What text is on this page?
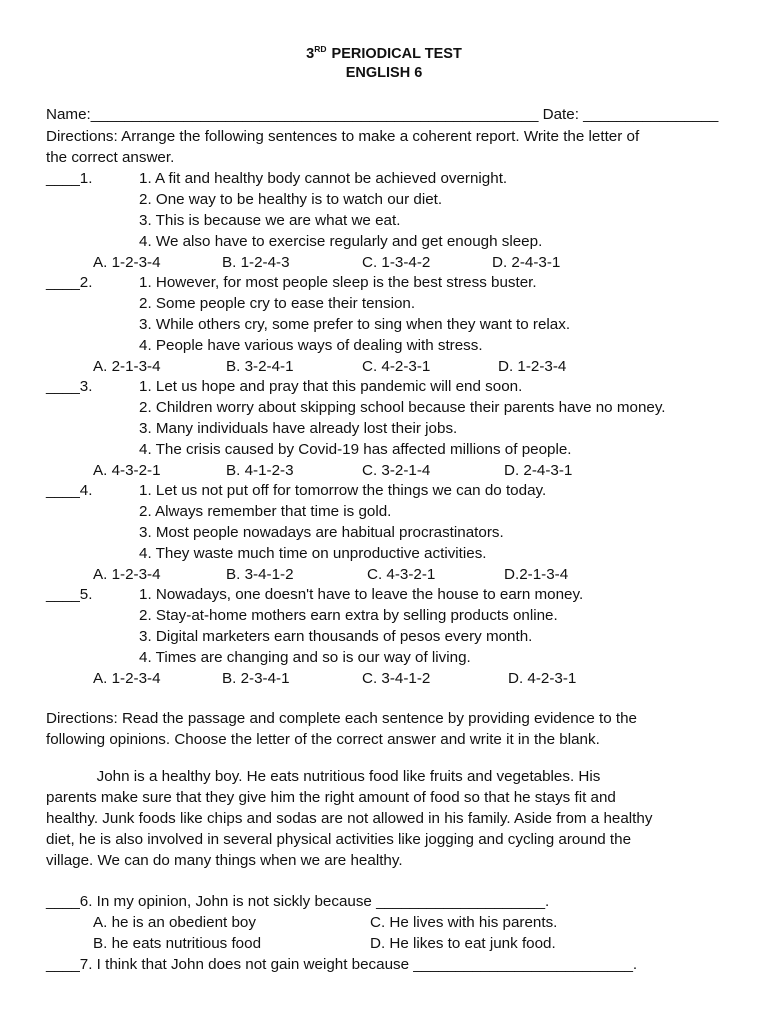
3RD PERIODICAL TEST
ENGLISH 6
Name:_____________________________________________________ Date: ________________
Directions: Arrange the following sentences to make a coherent report. Write the letter of
the correct answer.
____1.	1. A fit and healthy body cannot be achieved overnight.
2. One way to be healthy is to watch our diet.
3. This is because we are what we eat.
4. We also have to exercise regularly and get enough sleep.
A. 1-2-3-4	B. 1-2-4-3	C. 1-3-4-2	D. 2-4-3-1
____2.	1. However, for most people sleep is the best stress buster.
2. Some people cry to ease their tension.
3. While others cry, some prefer to sing when they want to relax.
4. People have various ways of dealing with stress.
A. 2-1-3-4	B. 3-2-4-1	C. 4-2-3-1	D. 1-2-3-4
____3.	1. Let us hope and pray that this pandemic will end soon.
2. Children worry about skipping school because their parents have no money.
3. Many individuals have already lost their jobs.
4. The crisis caused by Covid-19 has affected millions of people.
A. 4-3-2-1	B. 4-1-2-3	C. 3-2-1-4	D. 2-4-3-1
____4.	1. Let us not put off for tomorrow the things we can do today.
2. Always remember that time is gold.
3. Most people nowadays are habitual procrastinators.
4. They waste much time on unproductive activities.
A. 1-2-3-4	B. 3-4-1-2	C. 4-3-2-1	D.2-1-3-4
____5.	1. Nowadays, one doesn't have to leave the house to earn money.
2. Stay-at-home mothers earn extra by selling products online.
3. Digital marketers earn thousands of pesos every month.
4. Times are changing and so is our way of living.
A. 1-2-3-4	B. 2-3-4-1	C. 3-4-1-2	D. 4-2-3-1
Directions: Read the passage and complete each sentence by providing evidence to the
following opinions. Choose the letter of the correct answer and write it in the blank.
John is a healthy boy. He eats nutritious food like fruits and vegetables. His
parents make sure that they give him the right amount of food so that he stays fit and
healthy. Junk foods like chips and sodas are not allowed in his family. Aside from a healthy
diet, he is also involved in several physical activities like jogging and cycling around the
village. We can do many things when we are healthy.
____6. In my opinion, John is not sickly because ____________________.
A. he is an obedient boy	C. He lives with his parents.
B. he eats nutritious food	D. He likes to eat junk food.
____7. I think that John does not gain weight because __________________________.
